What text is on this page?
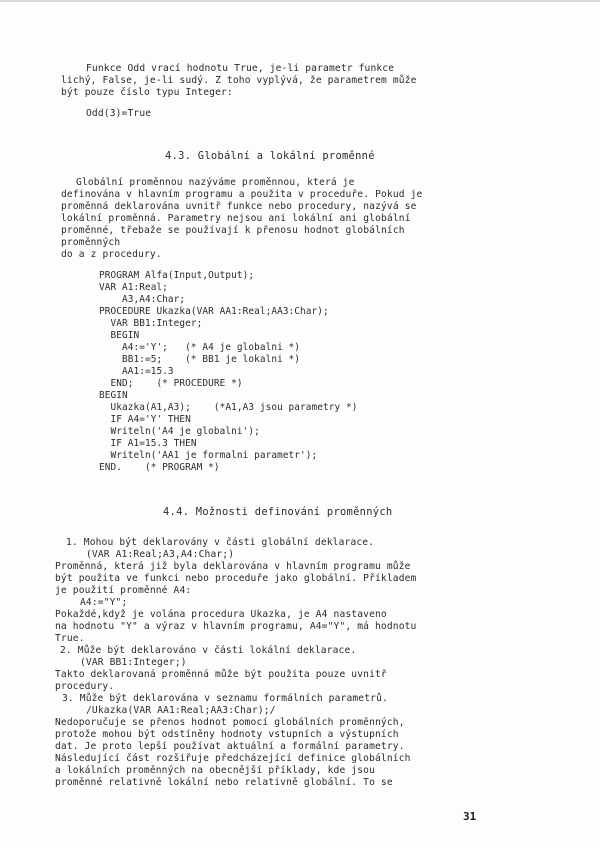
Funkce Odd vrací hodnotu True, je-li parametr funkce
lichý, False, je-li sudý. Z toho vyplývá, že parametrem může
být pouze číslo typu Integer:
Odd(3)=True
4.3. Globální a lokální proměnné
Globální proměnnou nazýváme proměnnou, která je
definována v hlavním programu a použita v proceduře. Pokud je
proměnná deklarována uvnitř funkce nebo procedury, nazývá se
lokální proměnná. Parametry nejsou ani lokální ani globální
proměnné, třebaže se používají k přenosu hodnot globálních
proměnných
do a z procedury.
PROGRAM Alfa(Input,Output);
VAR A1:Real;
A3,A4:Char;
PROCEDURE Ukazka(VAR AA1:Real;AA3:Char);
VAR BB1:Integer;
BEGIN
A4:='Y';   (* A4 je globalni *)
BB1:=5;    (* BB1 je lokalni *)
AA1:=15.3
END;    (* PROCEDURE *)
BEGIN
Ukazka(A1,A3);    (*A1,A3 jsou parametry *)
IF A4='Y' THEN
Writeln('A4 je globalni');
IF A1=15.3 THEN
Writeln('AA1 je formalni parametr');
END.    (* PROGRAM *)
4.4. Možnosti definování proměnných
1. Mohou být deklarovány v části globální deklarace.
(VAR A1:Real;A3,A4:Char;)
Proměnná, která již byla deklarována v hlavním programu může
být použita ve funkci nebo proceduře jako globální. Příkladem
je použití proměnné A4:
A4:="Y";
Pokaždé,když je volána procedura Ukazka, je A4 nastaveno
na hodnotu "Y" a výraz v hlavním programu, A4="Y", má hodnotu
True.
2. Může být deklarováno v části lokální deklarace.
(VAR BB1:Integer;)
Takto deklarovaná proměnná může být použita pouze uvnitř
procedury.
3. Může být deklarována v seznamu formálních parametrů.
/Ukazka(VAR AA1:Real;AA3:Char);/
Nedoporučuje se přenos hodnot pomocí globálních proměnných,
protože mohou být odstíněny hodnoty vstupních a výstupních
dat. Je proto lepší používat aktuální a formální parametry.
Následující část rozšiřuje předcházející definice globálních
a lokálních proměnných na obecnější příklady, kde jsou
proměnné relativně lokální nebo relativně globální. To se
31
